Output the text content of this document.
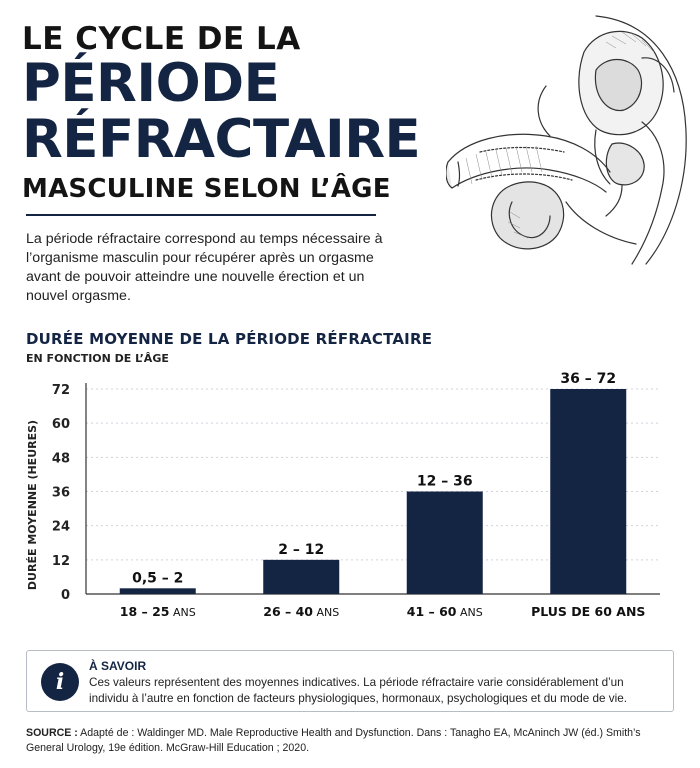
LE CYCLE DE LA
PÉRIODE
RÉFRACTAIRE
MASCULINE SELON L’ÂGE

La période réfractaire correspond au temps nécessaire à l’organisme masculin pour récupérer après un orgasme avant de pouvoir atteindre une nouvelle érection et un nouvel orgasme.

DURÉE MOYENNE DE LA PÉRIODE RÉFRACTAIRE
EN FONCTION DE L’ÂGE
0
12
24
36
48
60
72
0,5 – 2
18 – 25 ANS
2 – 12
26 – 40 ANS
12 – 36
41 – 60 ANS
36 – 72
PLUS DE 60 ANS
DURÉE MOYENNE (HEURES)
i
À SAVOIR
Ces valeurs représentent des moyennes indicatives. La période réfractaire varie considérablement d’un individu à l’autre en fonction de facteurs physiologiques, hormonaux, psychologiques et du mode de vie.
SOURCE : Adapté de : Waldinger MD. Male Reproductive Health and Dysfunction. Dans : Tanagho EA, McAninch JW (éd.) Smith’s General Urology, 19e édition. McGraw-Hill Education ; 2020.
